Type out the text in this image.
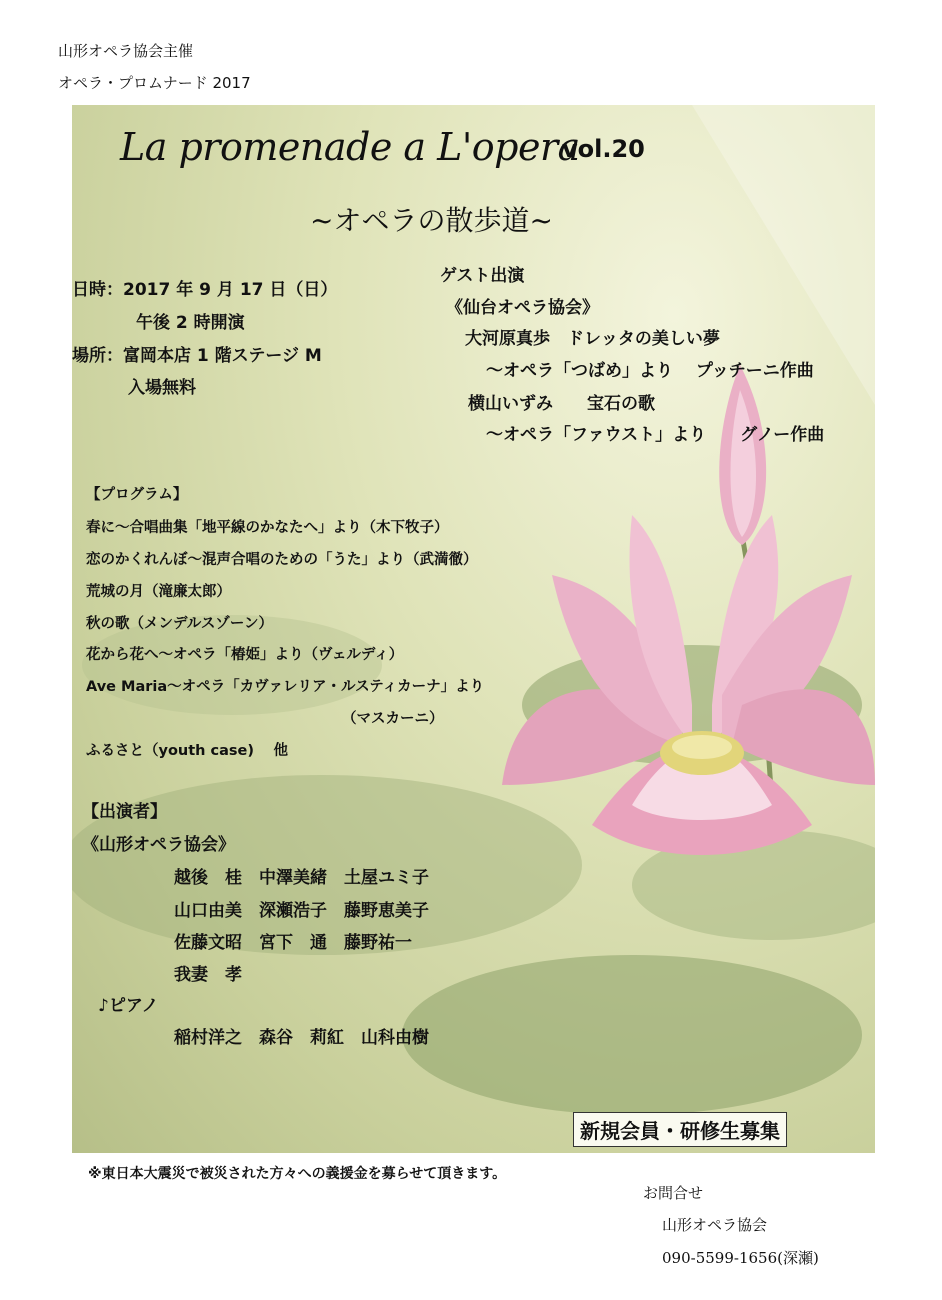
山形オペラ協会主催
オペラ・プロムナード 2017
La promenade a L'opera
vol.20
~オペラの散歩道~
日時：2017 年 9 月 17 日（日）
午後 2 時開演
場所：富岡本店 1 階ステージ M
入場無料
ゲスト出演
《仙台オペラ協会》
大河原真歩　ドレッタの美しい夢
～オペラ「つばめ」より　 プッチーニ作曲
横山いずみ　　宝石の歌
～オペラ「ファウスト」より　　グノー作曲
【プログラム】
春に～合唱曲集「地平線のかなたへ」より（木下牧子）
恋のかくれんぼ～混声合唱のための「うた」より（武満徹）
荒城の月（滝廉太郎）
秋の歌（メンデルスゾーン）
花から花へ～オペラ「椿姫」より（ヴェルディ）
Ave Maria～オペラ「カヴァレリア・ルスティカーナ」より
（マスカーニ）
ふるさと（youth case)　 他
【出演者】
《山形オペラ協会》
越後　桂　中澤美緒　土屋ユミ子
山口由美　深瀬浩子　藤野恵美子
佐藤文昭　宮下　通　藤野祐一
我妻　孝
♪ピアノ
稲村洋之　森谷　莉紅　山科由樹
新規会員・研修生募集
※東日本大震災で被災された方々への義援金を募らせて頂きます。
お問合せ
山形オペラ協会
090-5599-1656(深瀬)
